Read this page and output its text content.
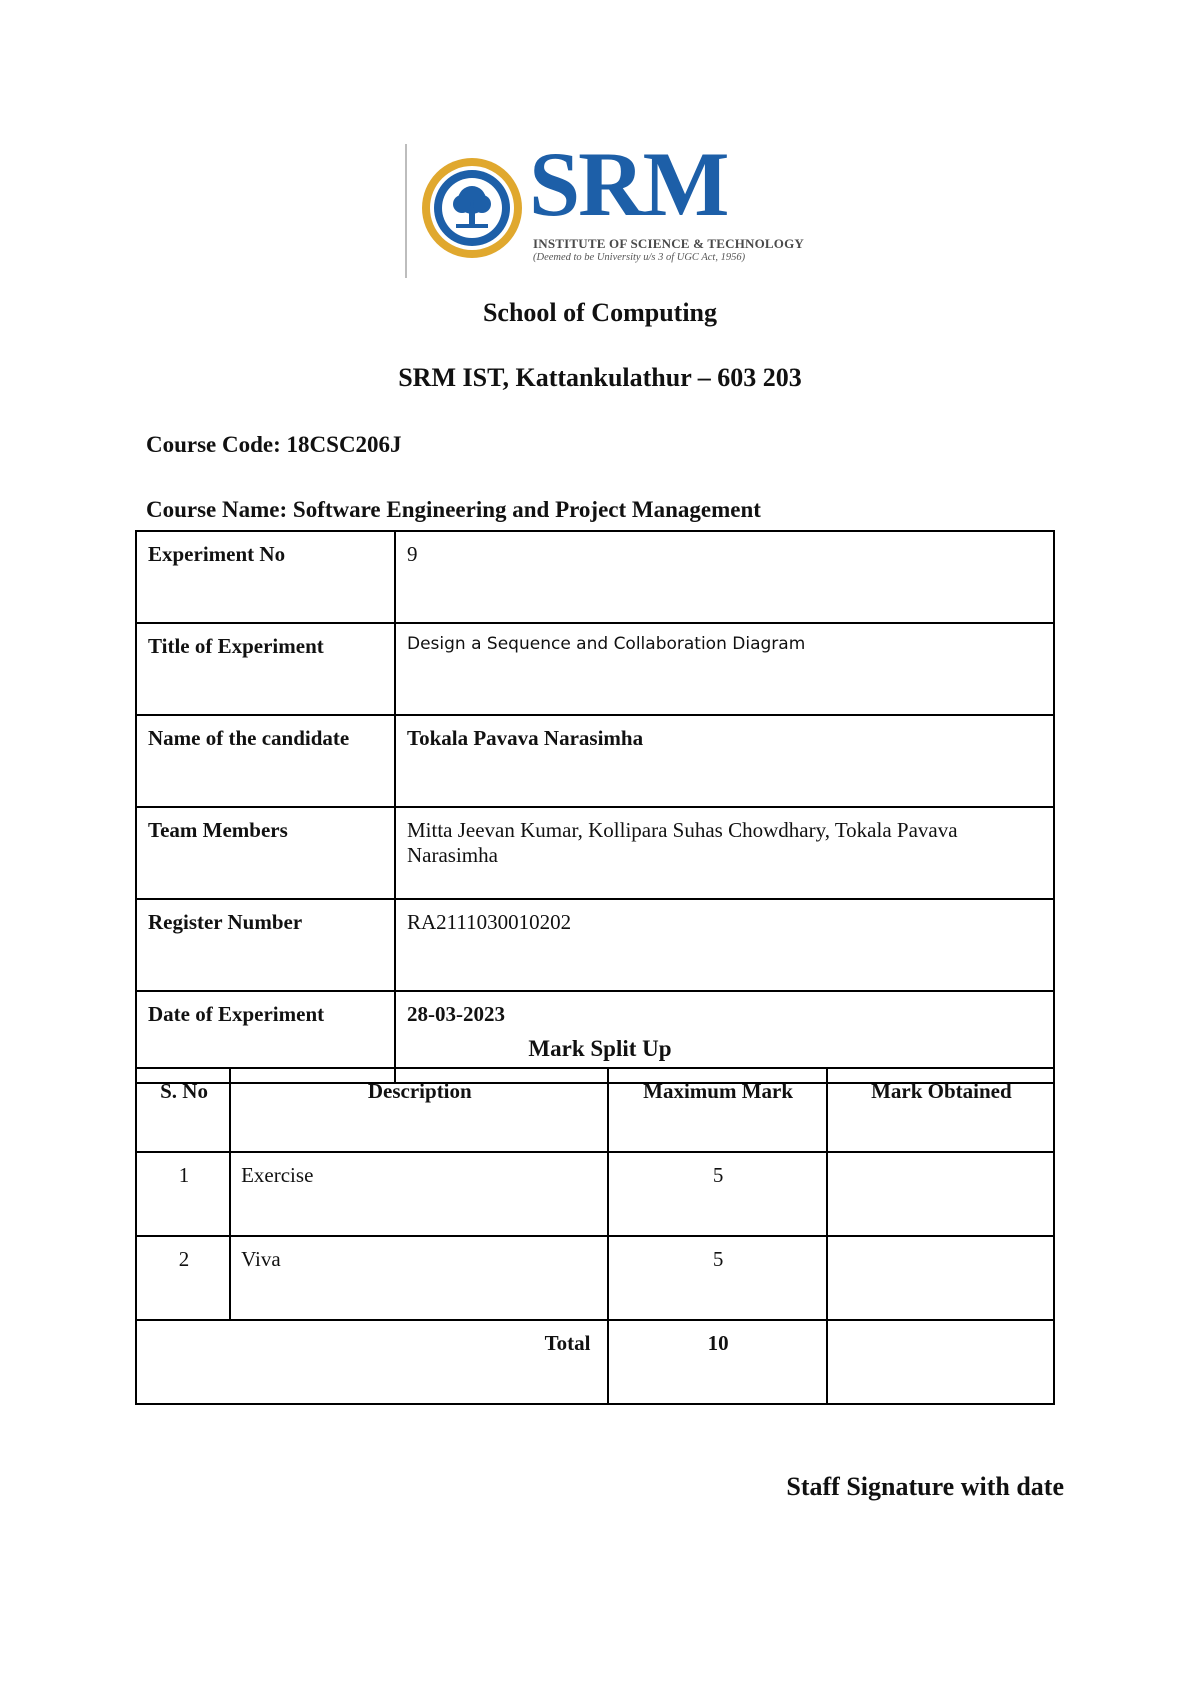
SRM
INSTITUTE OF SCIENCE & TECHNOLOGY
(Deemed to be University u/s 3 of UGC Act, 1956)
School of Computing
SRM IST, Kattankulathur – 603 203
Course Code: 18CSC206J
Course Name: Software Engineering and Project Management
Experiment No	9
Title of Experiment	Design a Sequence and Collaboration Diagram
Name of the candidate	Tokala Pavava Narasimha
Team Members	Mitta Jeevan Kumar, Kollipara Suhas Chowdhary, Tokala Pavava Narasimha
Register Number	RA2111030010202
Date of Experiment	28-03-2023
Mark Split Up
S. No	Description	Maximum Mark	Mark Obtained
1	Exercise	5	
2	Viva	5	
Total		10	
Staff Signature with date
